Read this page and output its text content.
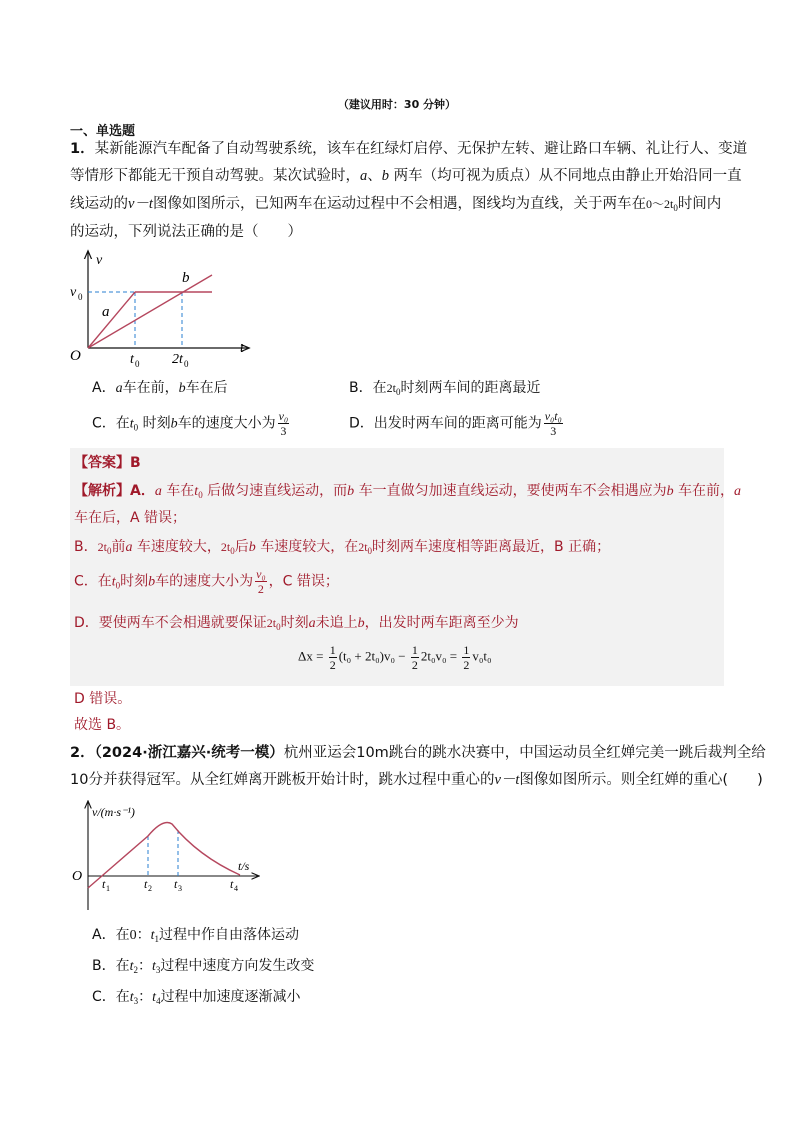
（建议用时：30 分钟）
一、单选题
1．某新能源汽车配备了自动驾驶系统，该车在红绿灯启停、无保护左转、避让路口车辆、礼让行人、变道
等情形下都能无干预自动驾驶。某次试验时，a、b 两车（均可视为质点）从不同地点由静止开始沿同一直
线运动的v－t图像如图所示，已知两车在运动过程中不会相遇，图线均为直线，关于两车在$0\sim 2t_0$时间内
的运动，下列说法正确的是（　　）
v
t
O
v 0
a
b
t 0 2t 0
A．a车在前，b车在后	B．在$2t_0$时刻两车间的距离最近
C．在$t_0$ 时刻b车的速度大小为 $\frac{\text{v₀}}{3}$	D．出发时两车间的距离可能为 $\frac{\text{v₀t₀}}{3}$
【答案】B
【解析】A．a 车在$t_0$ 后做匀速直线运动，而b 车一直做匀加速直线运动，要使两车不会相遇应为b 车在前，a
车在后，A 错误；
B．$2t_0$前a 车速度较大，$2t_0$后b 车速度较大，在$2t_0$时刻两车速度相等距离最近，B 正确；
C．在$t_0$时刻b车的速度大小为 $\frac{\text{v₀}}{2}$ ，C 错误；
D．要使两车不会相遇就要保证$2t_0$时刻a未追上b，出发时两车距离至少为
$\Delta x = \frac{1}{2} (t_0 + 2t_0)v_0 - \frac{1}{2} 2t_0v_0 = \frac{1}{2} v_0t_0$
D 错误。
故选 B。
2．（2024·浙江嘉兴·统考一模）杭州亚运会10m跳台的跳水决赛中，中国运动员全红婵完美一跳后裁判全给
10分并获得冠军。从全红婵离开跳板开始计时，跳水过程中重心的v－t图像如图所示。则全红婵的重心(　　)
v/(m·s⁻¹)
t/s
O t 1	t 2 t 3	t 4
A．在0：$t_1$过程中作自由落体运动
B．在$t_2$：$t_3$过程中速度方向发生改变
C．在$t_3$：$t_4$过程中加速度逐渐减小
